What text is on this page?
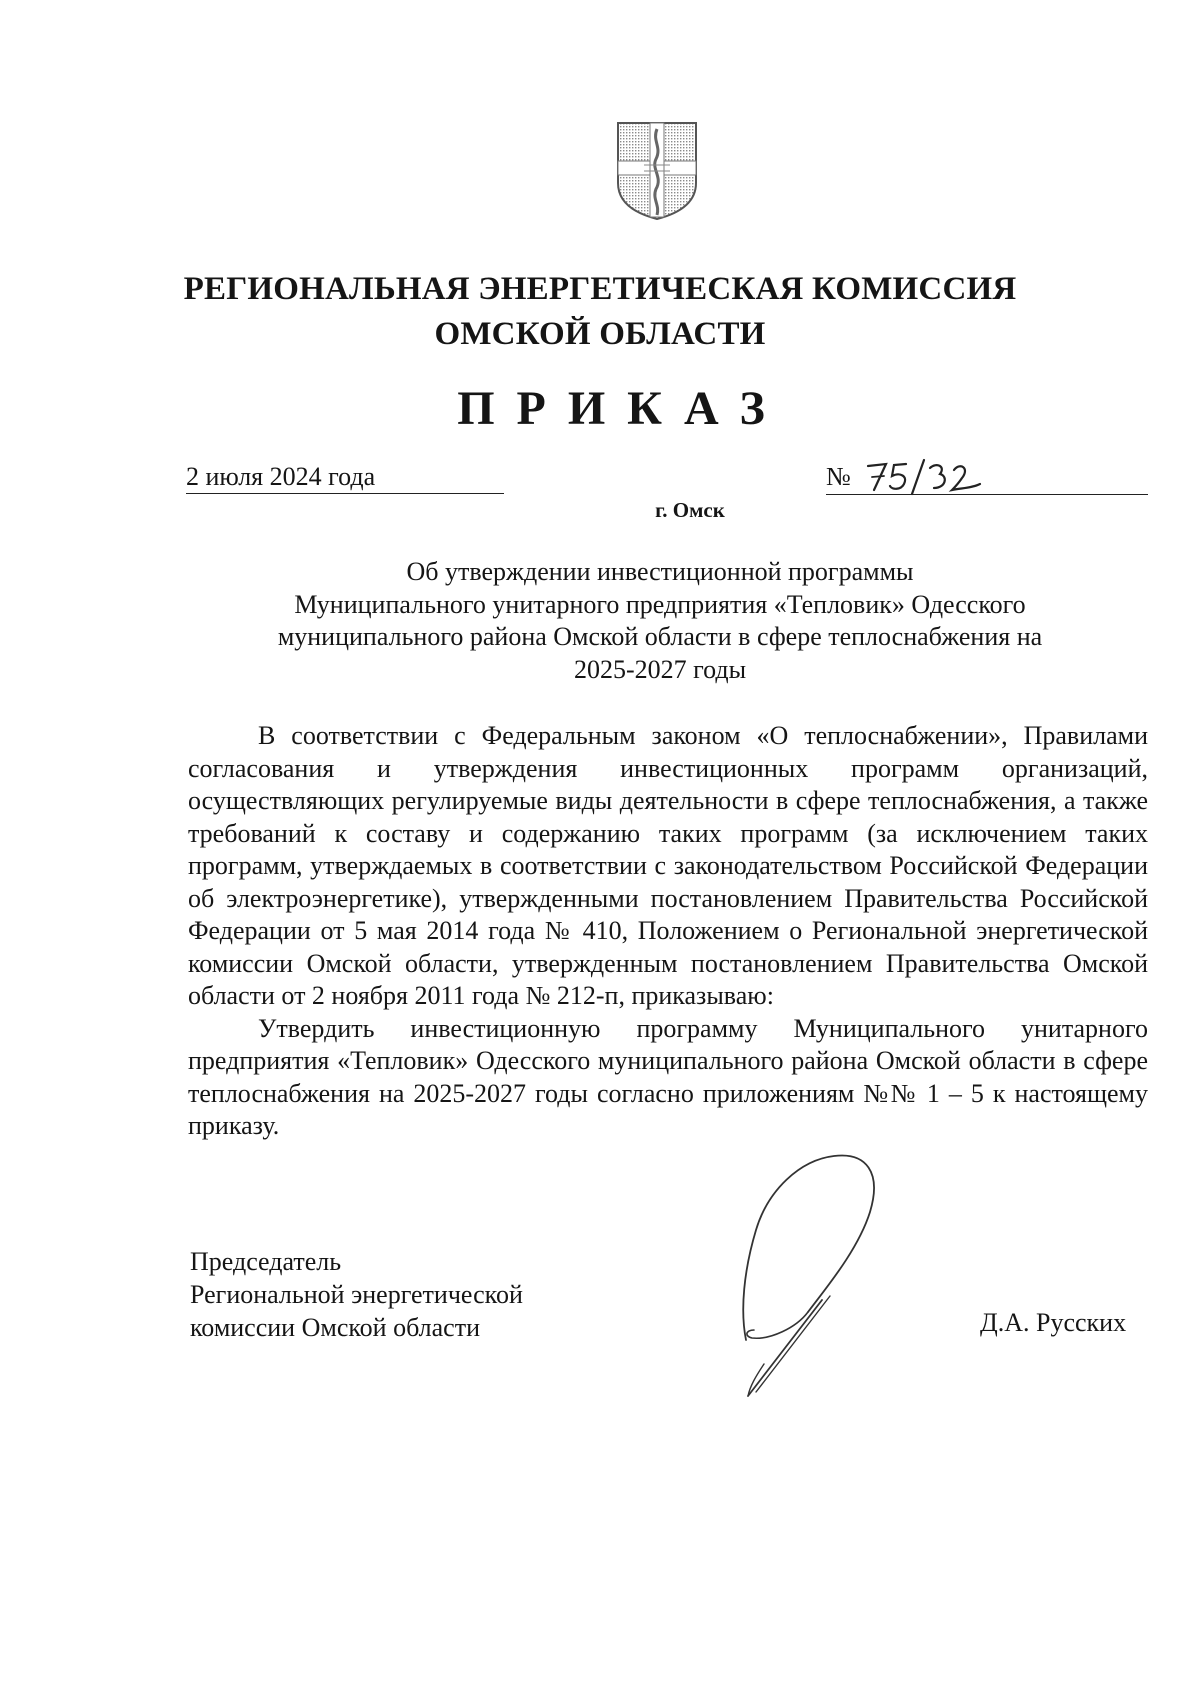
РЕГИОНАЛЬНАЯ ЭНЕРГЕТИЧЕСКАЯ КОМИССИЯ
ОМСКОЙ ОБЛАСТИ
ПРИКАЗ
2 июля 2024 года	№
г. Омск
Об утверждении инвестиционной программы
Муниципального унитарного предприятия «Тепловик» Одесского
муниципального района Омской области в сфере теплоснабжения на
2025-2027 годы

В соответствии с Федеральным законом «О теплоснабжении», Правилами согласования и утверждения инвестиционных программ организаций, осуществляющих регулируемые виды деятельности в сфере теплоснабжения, а также требований к составу и содержанию таких программ (за исключением таких программ, утверждаемых в соответствии с законодательством Российской Федерации об электроэнергетике), утвержденными постановлением Правительства Российской Федерации от 5 мая 2014 года № 410, Положением о Региональной энергетической комиссии Омской области, утвержденным постановлением Правительства Омской области от 2 ноября 2011 года № 212-п, приказываю:

Утвердить инвестиционную программу Муниципального унитарного предприятия «Тепловик» Одесского муниципального района Омской области в сфере теплоснабжения на 2025-2027 годы согласно приложениям №№ 1 – 5 к настоящему приказу.

Председатель
Региональной энергетической
комиссии Омской области	Д.А. Русских
